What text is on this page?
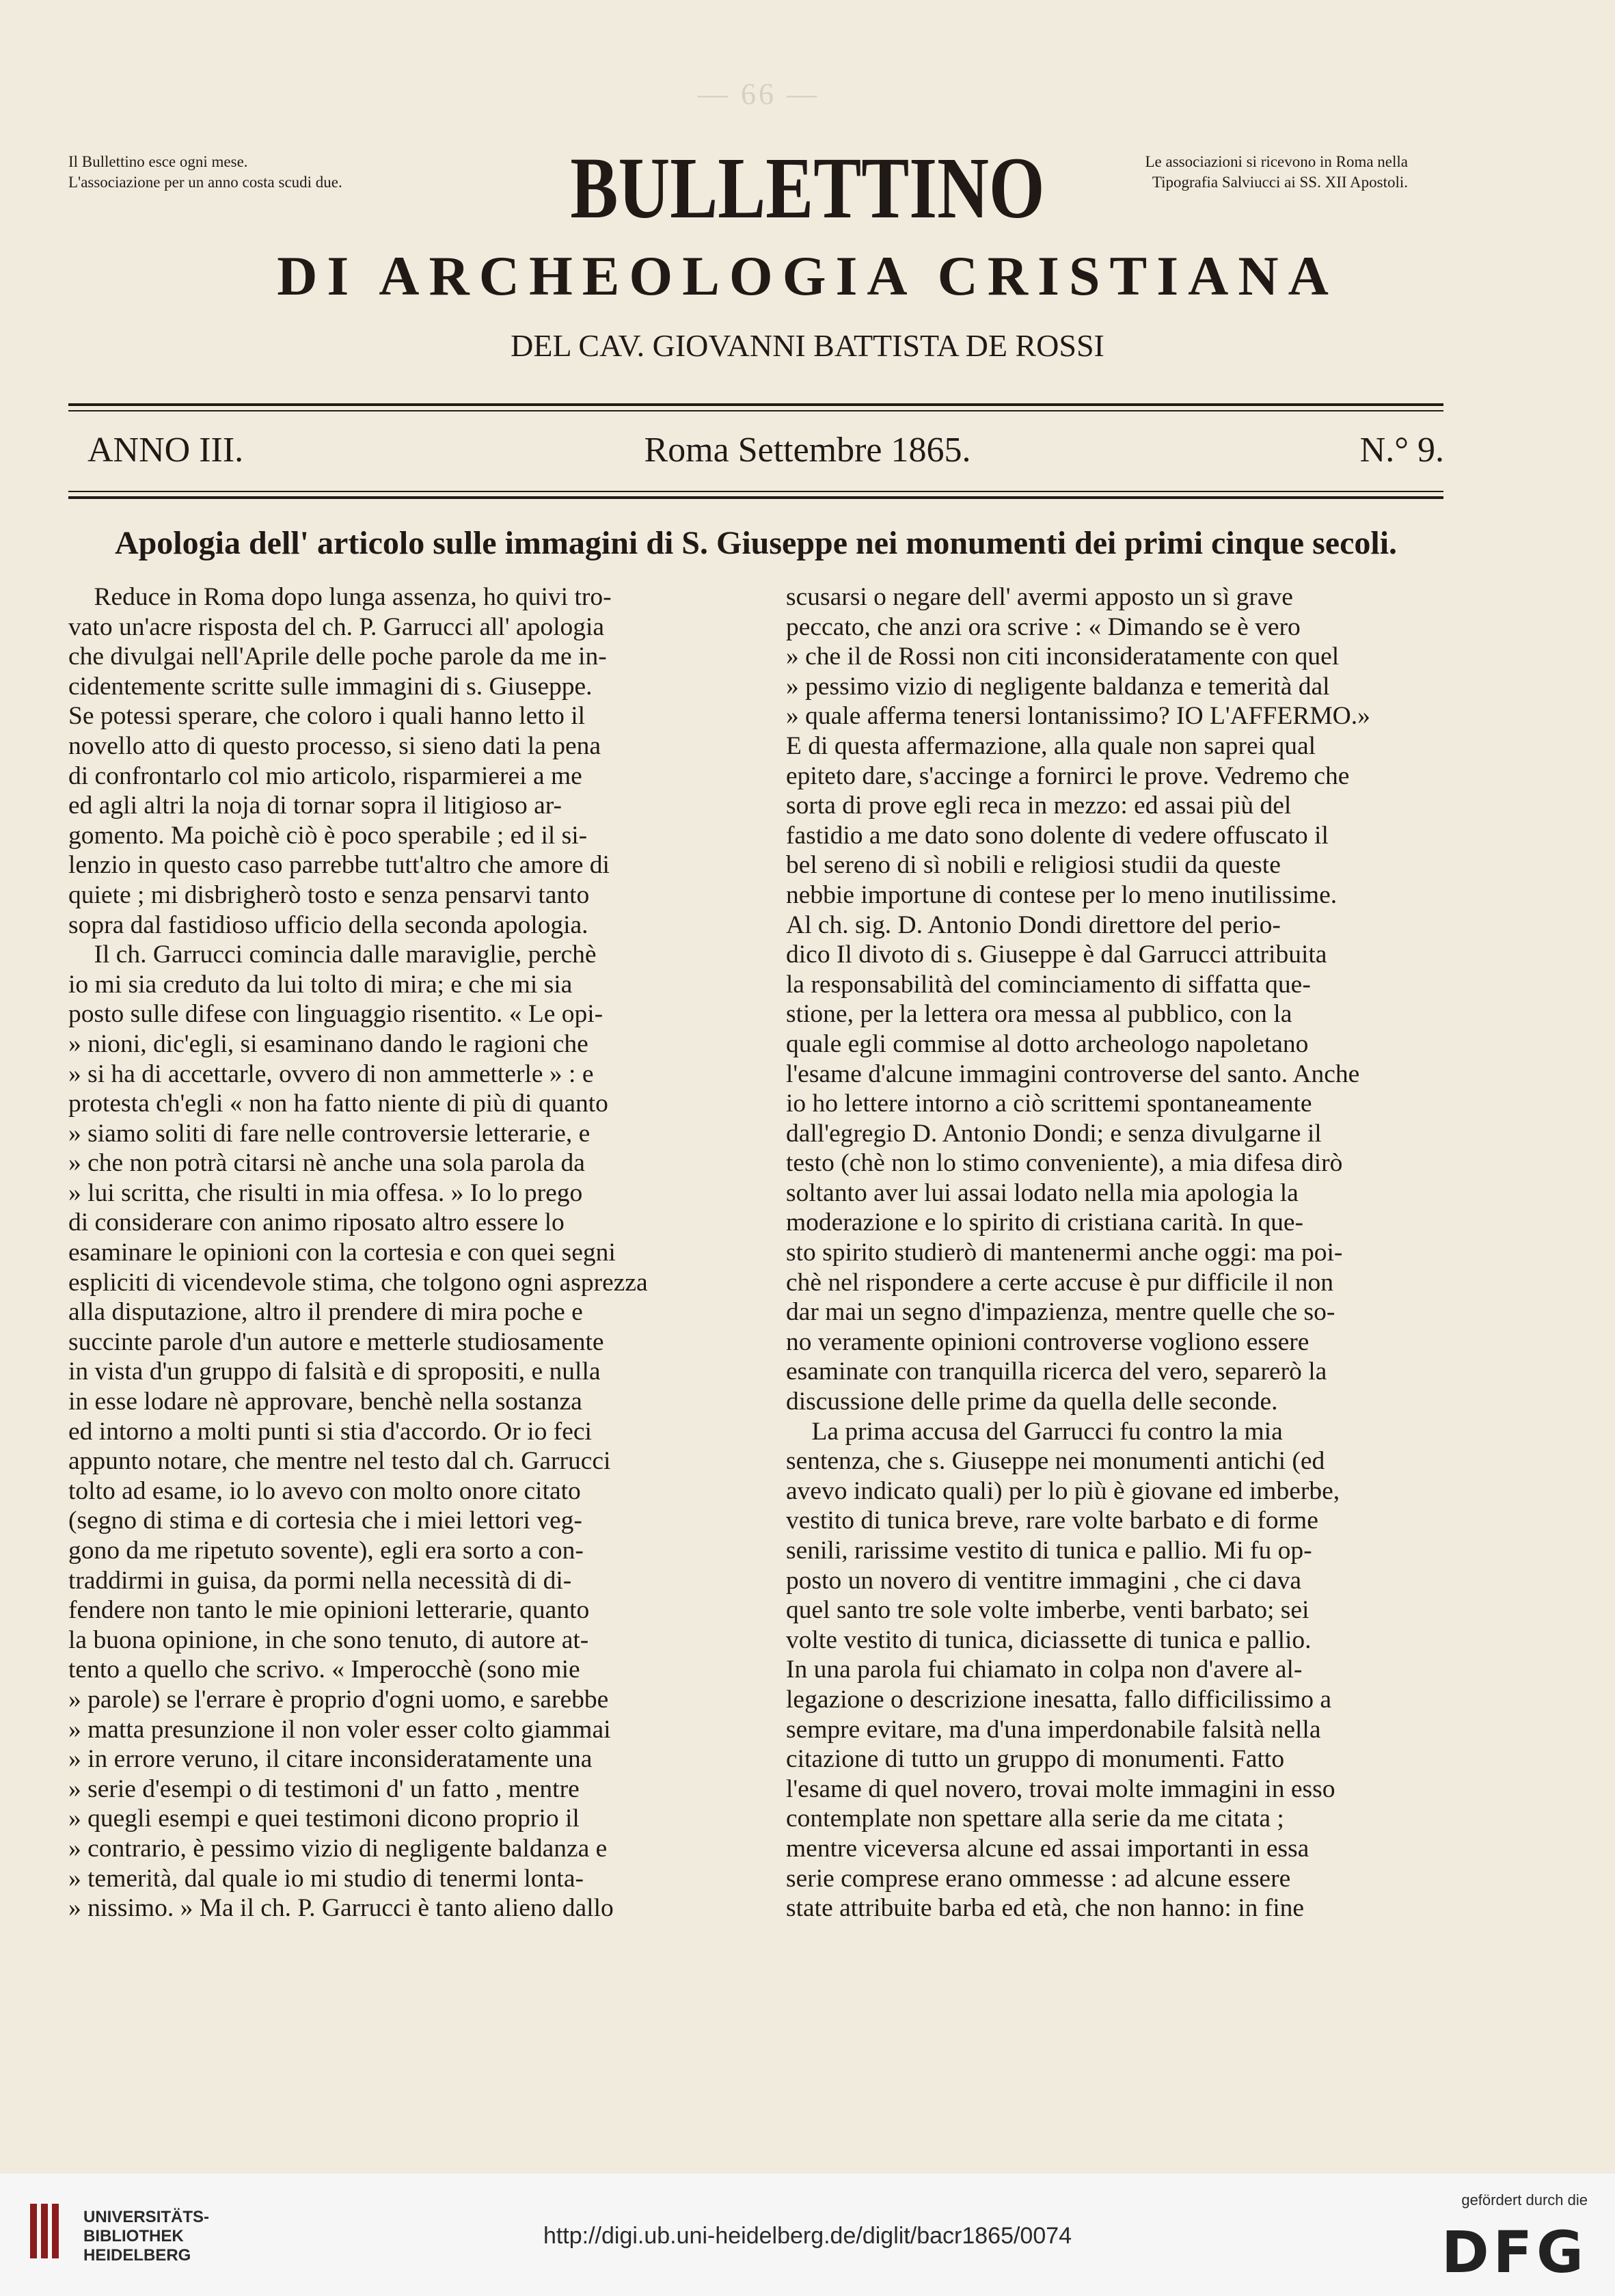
— 66 —
Il Bullettino esce ogni mese.
L'associazione per un anno costa scudi due.
Le associazioni si ricevono in Roma nella
Tipografia Salviucci ai SS. XII Apostoli.
BULLETTINO
DI ARCHEOLOGIA CRISTIANA
DEL CAV. GIOVANNI BATTISTA DE ROSSI
ANNO III.	Roma Settembre 1865.	N.° 9.
Apologia dell' articolo sulle immagini di S. Giuseppe nei monumenti dei primi cinque secoli.
Reduce in Roma dopo lunga assenza, ho quivi tro-
vato un'acre risposta del ch. P. Garrucci all' apologia
che divulgai nell'Aprile delle poche parole da me in-
cidentemente scritte sulle immagini di s. Giuseppe.
Se potessi sperare, che coloro i quali hanno letto il
novello atto di questo processo, si sieno dati la pena
di confrontarlo col mio articolo, risparmierei a me
ed agli altri la noja di tornar sopra il litigioso ar-
gomento. Ma poichè ciò è poco sperabile ; ed il si-
lenzio in questo caso parrebbe tutt'altro che amore di
quiete ; mi disbrigherò tosto e senza pensarvi tanto
sopra dal fastidioso ufficio della seconda apologia.
Il ch. Garrucci comincia dalle maraviglie, perchè
io mi sia creduto da lui tolto di mira; e che mi sia
posto sulle difese con linguaggio risentito. « Le opi-
» nioni, dic'egli, si esaminano dando le ragioni che
» si ha di accettarle, ovvero di non ammetterle » : e
protesta ch'egli « non ha fatto niente di più di quanto
» siamo soliti di fare nelle controversie letterarie, e
» che non potrà citarsi nè anche una sola parola da
» lui scritta, che risulti in mia offesa. » Io lo prego
di considerare con animo riposato altro essere lo
esaminare le opinioni con la cortesia e con quei segni
espliciti di vicendevole stima, che tolgono ogni asprezza
alla disputazione, altro il prendere di mira poche e
succinte parole d'un autore e metterle studiosamente
in vista d'un gruppo di falsità e di spropositi, e nulla
in esse lodare nè approvare, benchè nella sostanza
ed intorno a molti punti si stia d'accordo. Or io feci
appunto notare, che mentre nel testo dal ch. Garrucci
tolto ad esame, io lo avevo con molto onore citato
(segno di stima e di cortesia che i miei lettori veg-
gono da me ripetuto sovente), egli era sorto a con-
traddirmi in guisa, da pormi nella necessità di di-
fendere non tanto le mie opinioni letterarie, quanto
la buona opinione, in che sono tenuto, di autore at-
tento a quello che scrivo. « Imperocchè (sono mie
» parole) se l'errare è proprio d'ogni uomo, e sarebbe
» matta presunzione il non voler esser colto giammai
» in errore veruno, il citare inconsideratamente una
» serie d'esempi o di testimoni d' un fatto , mentre
» quegli esempi e quei testimoni dicono proprio il
» contrario, è pessimo vizio di negligente baldanza e
» temerità, dal quale io mi studio di tenermi lonta-
» nissimo. » Ma il ch. P. Garrucci è tanto alieno dallo
scusarsi o negare dell' avermi apposto un sì grave
peccato, che anzi ora scrive : « Dimando se è vero
» che il de Rossi non citi inconsideratamente con quel
» pessimo vizio di negligente baldanza e temerità dal
» quale afferma tenersi lontanissimo? IO L'AFFERMO.»
E di questa affermazione, alla quale non saprei qual
epiteto dare, s'accinge a fornirci le prove. Vedremo che
sorta di prove egli reca in mezzo: ed assai più del
fastidio a me dato sono dolente di vedere offuscato il
bel sereno di sì nobili e religiosi studii da queste
nebbie importune di contese per lo meno inutilissime.
Al ch. sig. D. Antonio Dondi direttore del perio-
dico Il divoto di s. Giuseppe è dal Garrucci attribuita
la responsabilità del cominciamento di siffatta que-
stione, per la lettera ora messa al pubblico, con la
quale egli commise al dotto archeologo napoletano
l'esame d'alcune immagini controverse del santo. Anche
io ho lettere intorno a ciò scrittemi spontaneamente
dall'egregio D. Antonio Dondi; e senza divulgarne il
testo (chè non lo stimo conveniente), a mia difesa dirò
soltanto aver lui assai lodato nella mia apologia la
moderazione e lo spirito di cristiana carità. In que-
sto spirito studierò di mantenermi anche oggi: ma poi-
chè nel rispondere a certe accuse è pur difficile il non
dar mai un segno d'impazienza, mentre quelle che so-
no veramente opinioni controverse vogliono essere
esaminate con tranquilla ricerca del vero, separerò la
discussione delle prime da quella delle seconde.
La prima accusa del Garrucci fu contro la mia
sentenza, che s. Giuseppe nei monumenti antichi (ed
avevo indicato quali) per lo più è giovane ed imberbe,
vestito di tunica breve, rare volte barbato e di forme
senili, rarissime vestito di tunica e pallio. Mi fu op-
posto un novero di ventitre immagini , che ci dava
quel santo tre sole volte imberbe, venti barbato; sei
volte vestito di tunica, diciassette di tunica e pallio.
In una parola fui chiamato in colpa non d'avere al-
legazione o descrizione inesatta, fallo difficilissimo a
sempre evitare, ma d'una imperdonabile falsità nella
citazione di tutto un gruppo di monumenti. Fatto
l'esame di quel novero, trovai molte immagini in esso
contemplate non spettare alla serie da me citata ;
mentre viceversa alcune ed assai importanti in essa
serie comprese erano ommesse : ad alcune essere
state attribuite barba ed età, che non hanno: in fine
UNIVERSITÄTS-
BIBLIOTHEK
HEIDELBERG
http://digi.ub.uni-heidelberg.de/diglit/bacr1865/0074
gefördert durch die
DFG
